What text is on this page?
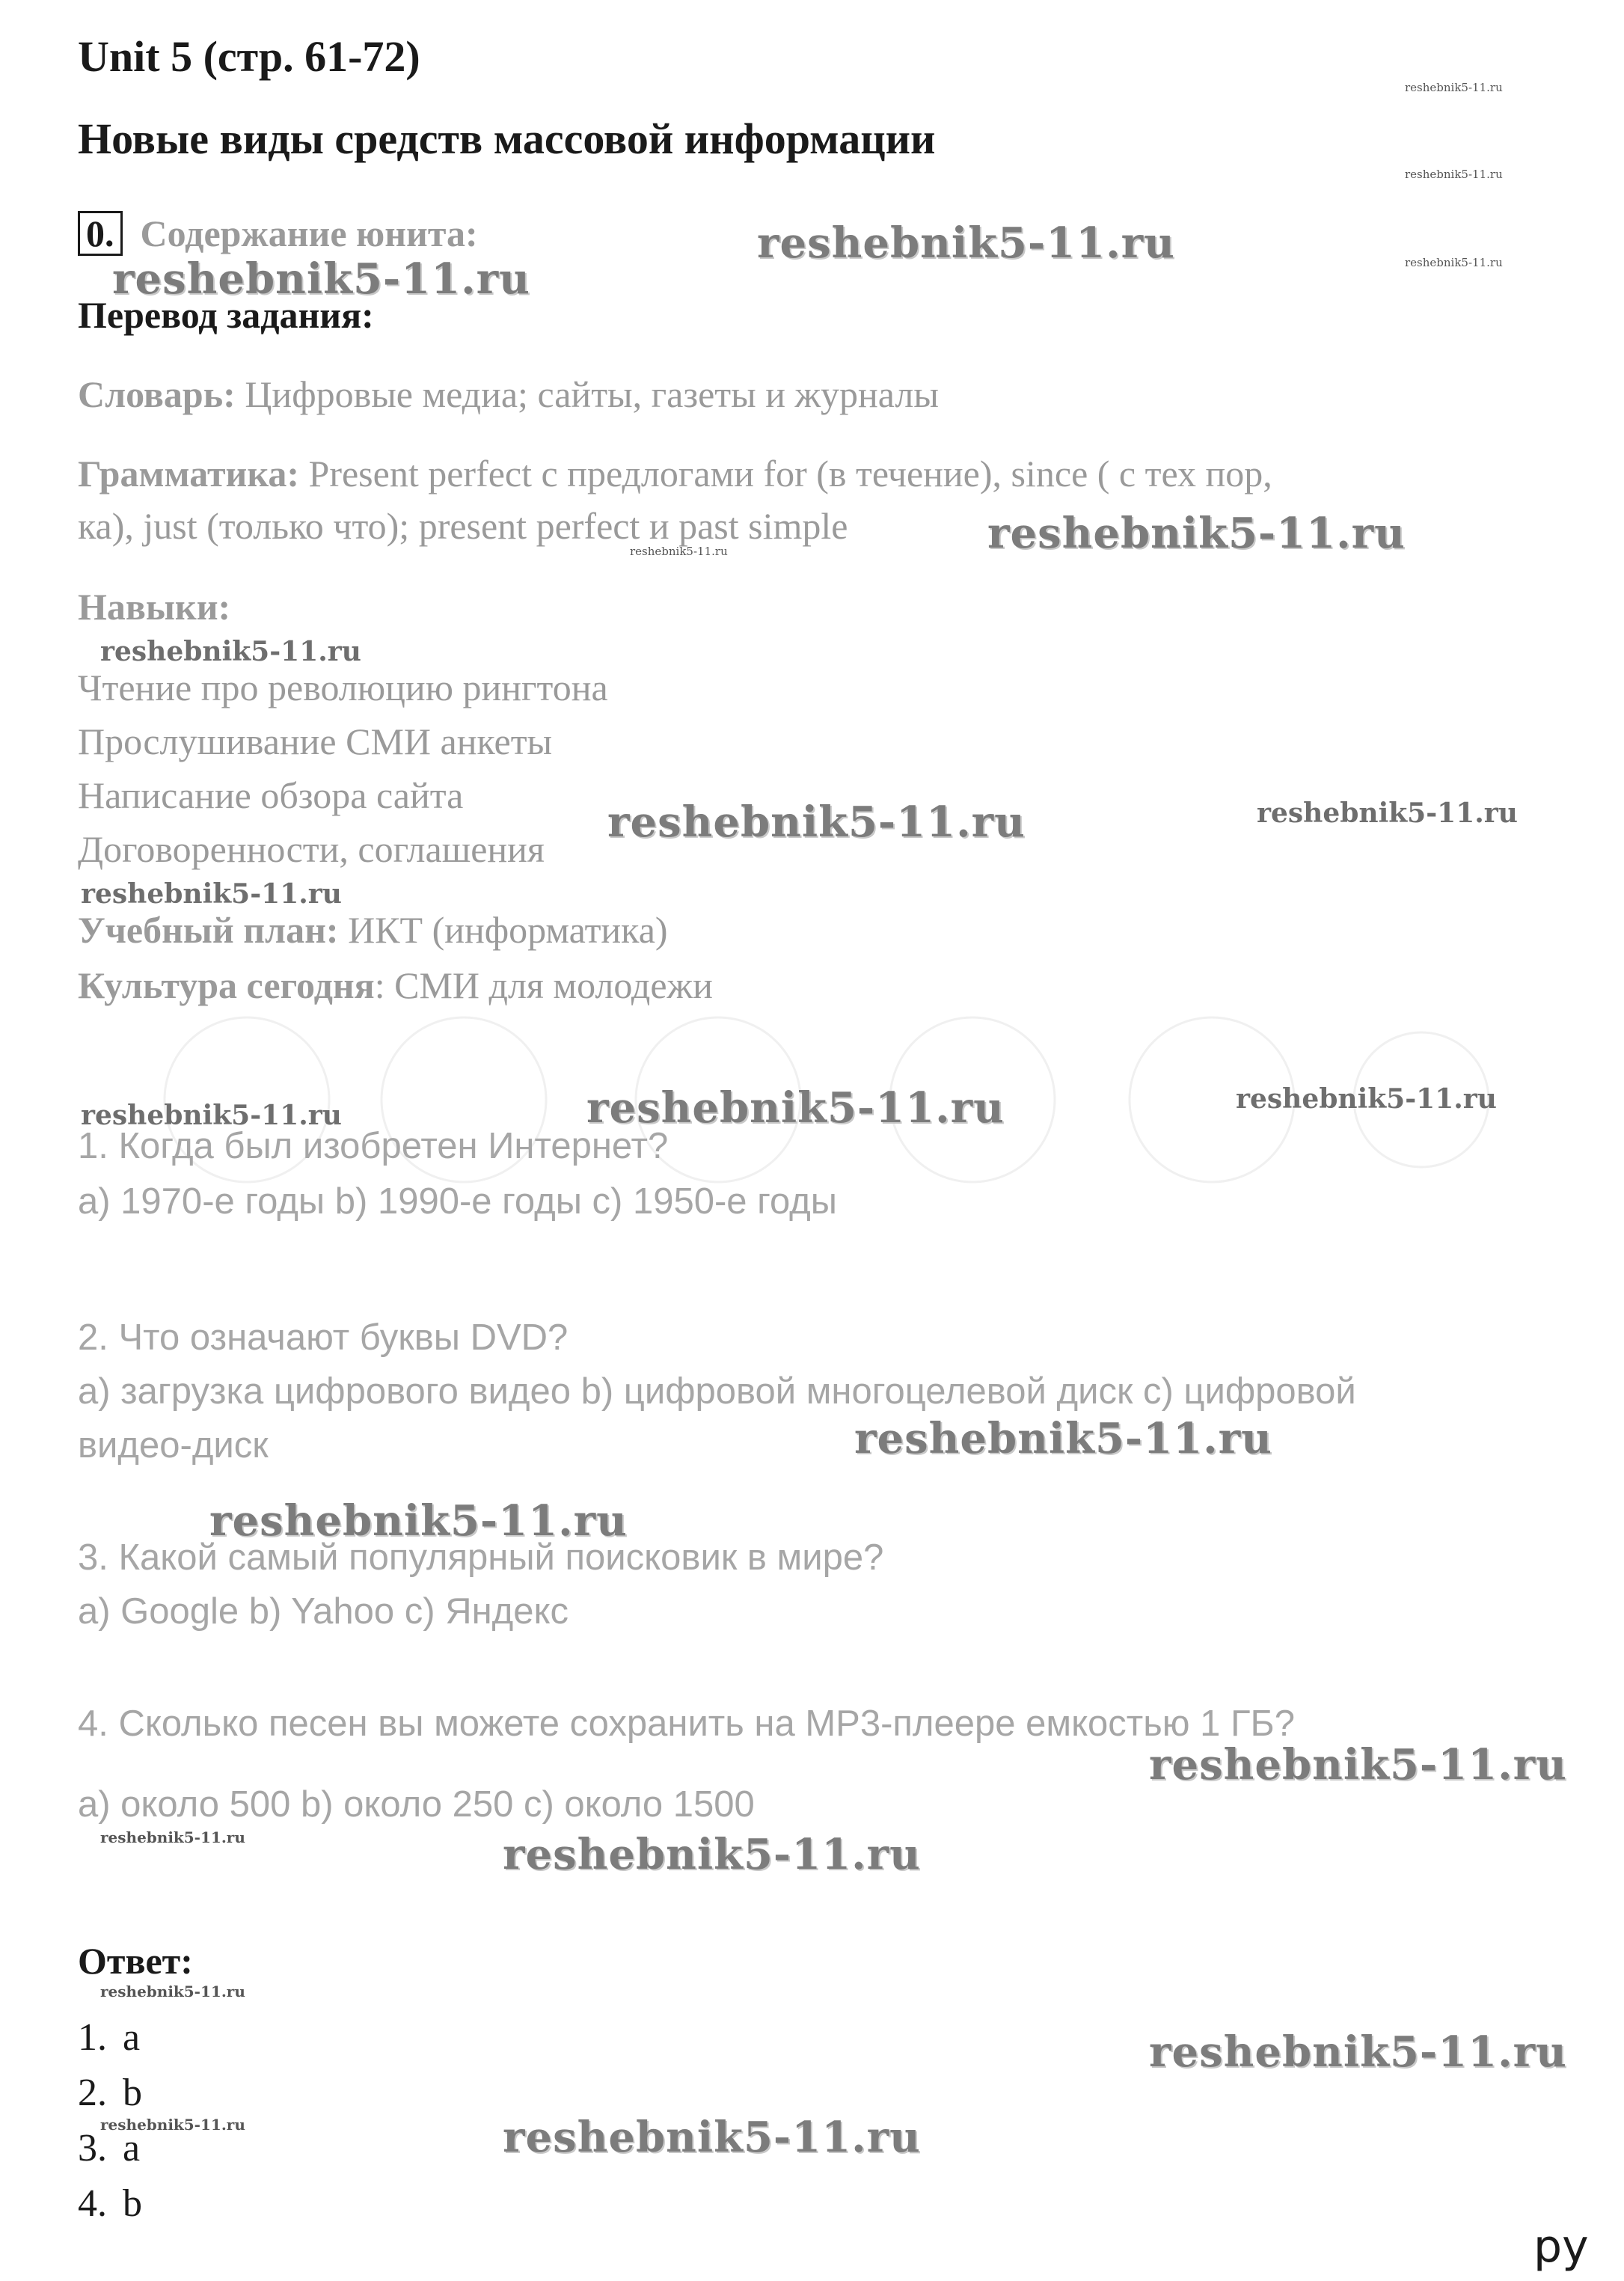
Unit 5 (стр. 61-72)
Новые виды средств массовой информации
0. Содержание юнита:
Перевод задания:
Словарь: Цифровые медиа; сайты, газеты и журналы
Грамматика: Present perfect с предлогами for (в течение), since ( с тех пор,
ка), just (только что); present perfect и past simple
Навыки:
Чтение про революцию рингтона
Прослушивание СМИ анкеты
Написание обзора сайта
Договоренности, соглашения
Учебный план: ИКТ (информатика)
Культура сегодня: СМИ для молодежи
1. Когда был изобретен Интернет?
a) 1970-е годы b) 1990-е годы c) 1950-е годы
2. Что означают буквы DVD?
a) загрузка цифрового видео b) цифровой многоцелевой диск c) цифровой
видео-диск
3. Какой самый популярный поисковик в мире?
a) Google b) Yahoo c) Яндекс
4. Сколько песен вы можете сохранить на MP3-плеере емкостью 1 ГБ?
a) около 500 b) около 250 c) около 1500
Ответ:
1. a
2. b
3. a
4. b
ру
reshebnik5-11.ru
reshebnik5-11.ru
reshebnik5-11.ru
reshebnik5-11.ru
reshebnik5-11.ru
reshebnik5-11.ru
reshebnik5-11.ru
reshebnik5-11.ru
reshebnik5-11.ru	reshebnik5-11.ru
reshebnik5-11.ru
reshebnik5-11.ru	reshebnik5-11.ru	reshebnik5-11.ru
reshebnik5-11.ru
reshebnik5-11.ru
reshebnik5-11.ru
reshebnik5-11.ru	reshebnik5-11.ru
reshebnik5-11.ru
reshebnik5-11.ru
reshebnik5-11.ru	reshebnik5-11.ru
